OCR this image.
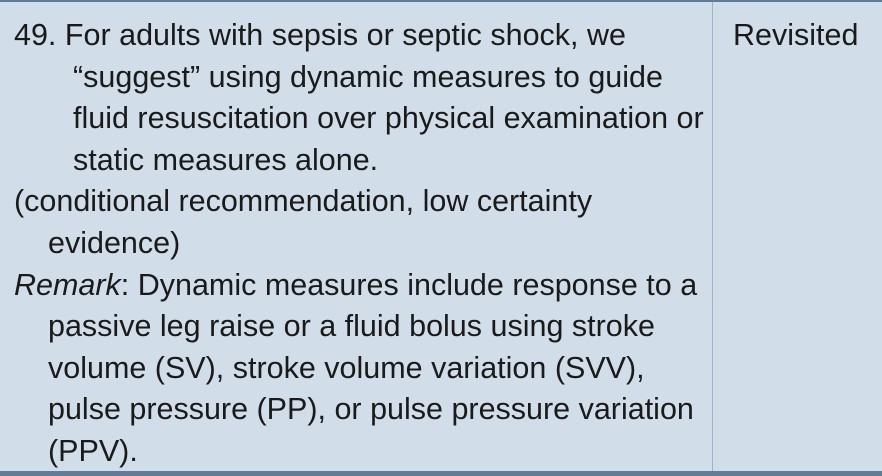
49. For adults with sepsis or septic shock, we “suggest” using dynamic measures to guide fluid resuscitation over physical examination or static measures alone.

(conditional recommendation, low certainty evidence)

Remark: Dynamic measures include response to a passive leg raise or a fluid bolus using stroke volume (SV), stroke volume variation (SVV), pulse pressure (PP), or pulse pressure variation (PPV).

Revisited
